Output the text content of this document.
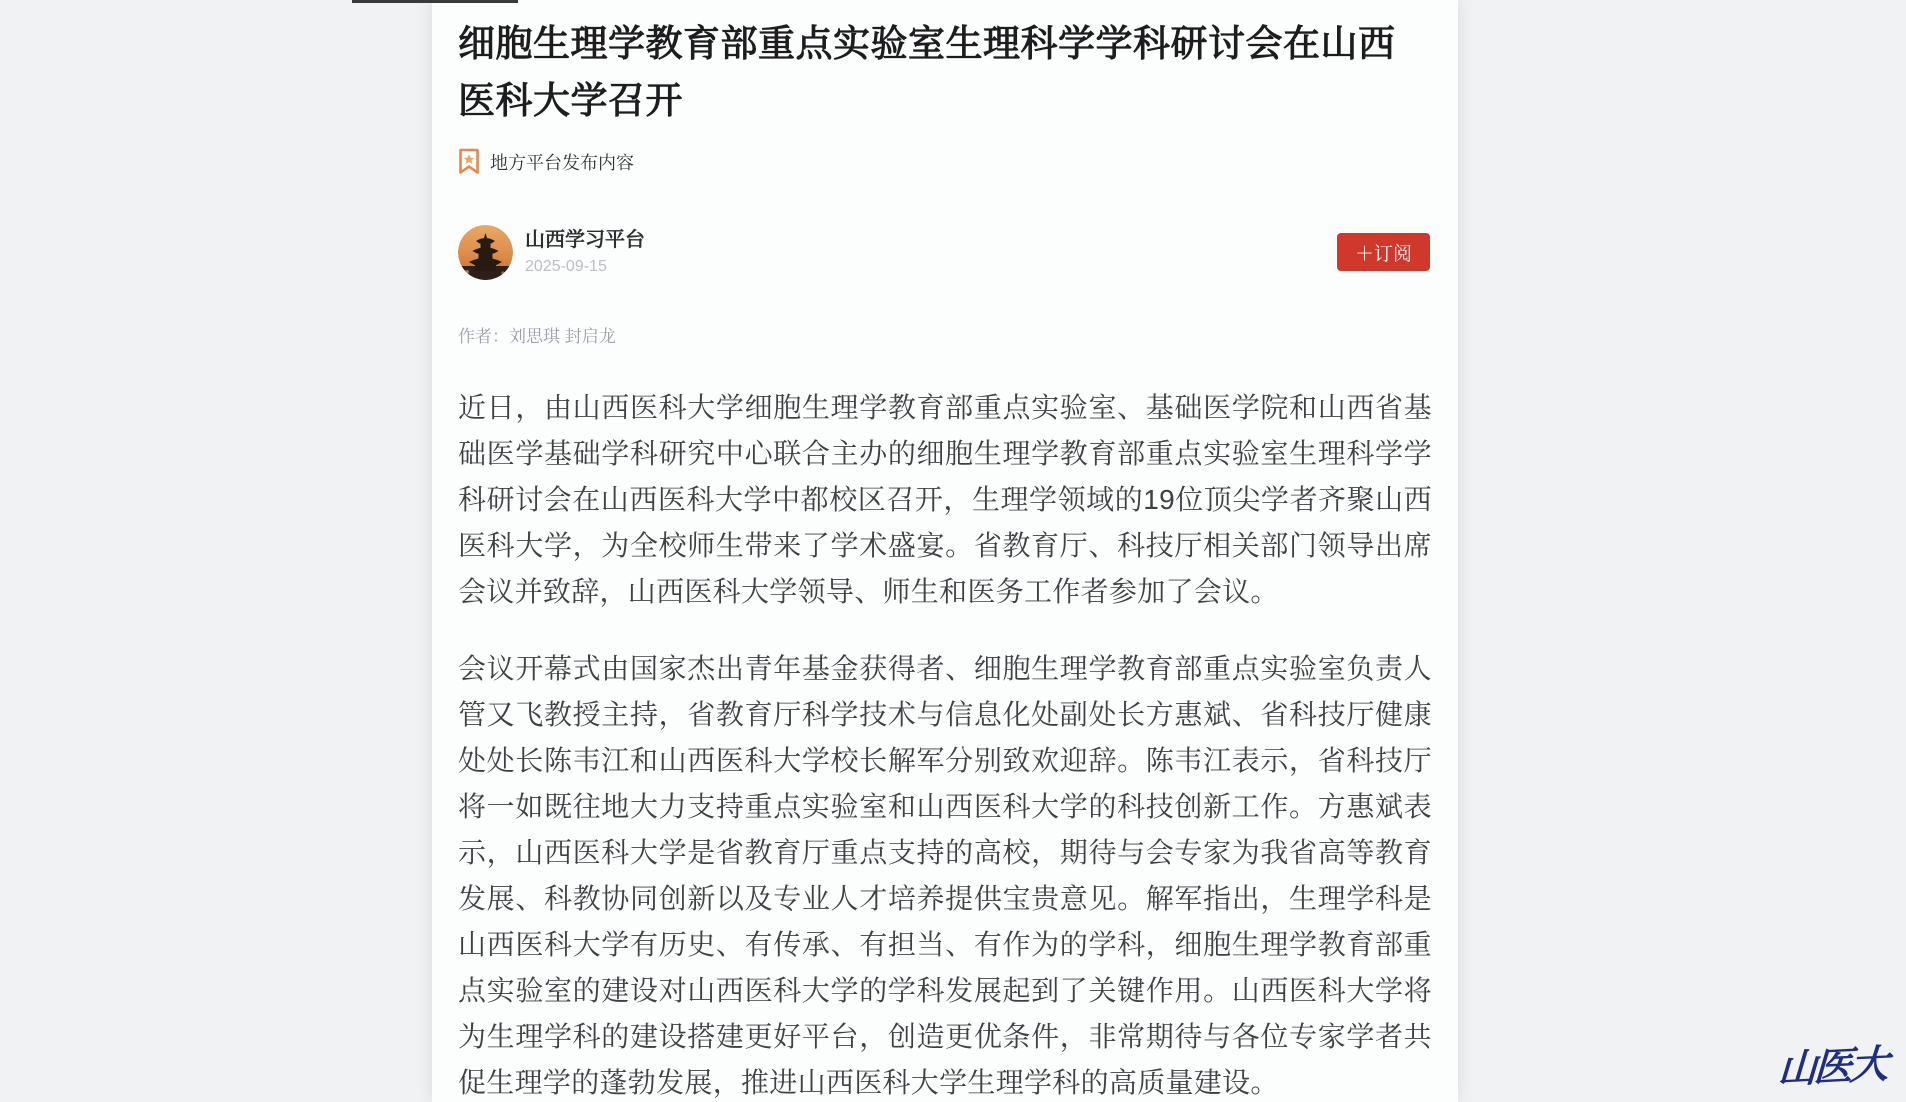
细胞生理学教育部重点实验室生理科学学科研讨会在山西医科大学召开
地方平台发布内容
山西学习平台
2025-09-15
＋订阅
作者：刘思琪 封启龙

近日，由山西医科大学细胞生理学教育部重点实验室、基础医学院和山西省基础医学基础学科研究中心联合主办的细胞生理学教育部重点实验室生理科学学科研讨会在山西医科大学中都校区召开，生理学领域的19位顶尖学者齐聚山西医科大学，为全校师生带来了学术盛宴。省教育厅、科技厅相关部门领导出席会议并致辞，山西医科大学领导、师生和医务工作者参加了会议。

会议开幕式由国家杰出青年基金获得者、细胞生理学教育部重点实验室负责人管又飞教授主持，省教育厅科学技术与信息化处副处长方惠斌、省科技厅健康处处长陈韦江和山西医科大学校长解军分别致欢迎辞。陈韦江表示，省科技厅将一如既往地大力支持重点实验室和山西医科大学的科技创新工作。方惠斌表示，山西医科大学是省教育厅重点支持的高校，期待与会专家为我省高等教育发展、科教协同创新以及专业人才培养提供宝贵意见。解军指出，生理学科是山西医科大学有历史、有传承、有担当、有作为的学科，细胞生理学教育部重点实验室的建设对山西医科大学的学科发展起到了关键作用。山西医科大学将为生理学科的建设搭建更好平台，创造更优条件，非常期待与各位专家学者共促生理学的蓬勃发展，推进山西医科大学生理学科的高质量建设。	山医大
